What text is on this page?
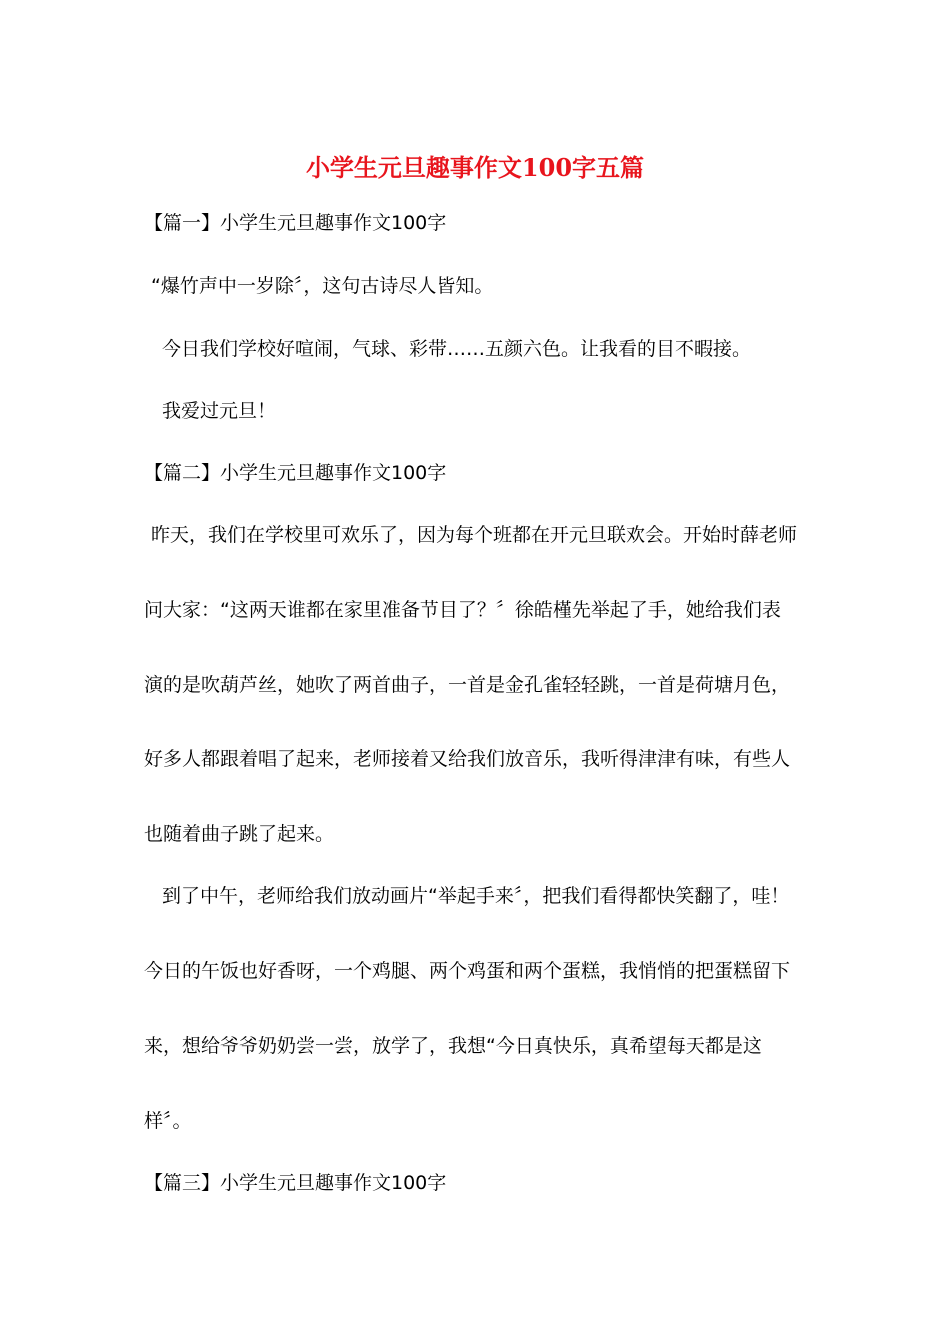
小学生元旦趣事作文100字五篇
【篇一】小学生元旦趣事作文100字
“爆竹声中一岁除〞，这句古诗尽人皆知。
今日我们学校好喧闹，气球、彩带……五颜六色。让我看的目不暇接。
我爱过元旦！
【篇二】小学生元旦趣事作文100字
昨天，我们在学校里可欢乐了，因为每个班都在开元旦联欢会。开始时薛老师
问大家：“这两天谁都在家里准备节目了？〞徐皓槿先举起了手，她给我们表
演的是吹葫芦丝，她吹了两首曲子，一首是金孔雀轻轻跳，一首是荷塘月色，
好多人都跟着唱了起来，老师接着又给我们放音乐，我听得津津有味，有些人
也随着曲子跳了起来。
到了中午，老师给我们放动画片“举起手来〞，把我们看得都快笑翻了，哇！
今日的午饭也好香呀，一个鸡腿、两个鸡蛋和两个蛋糕，我悄悄的把蛋糕留下
来，想给爷爷奶奶尝一尝，放学了，我想“今日真快乐，真希望每天都是这
样〞。
【篇三】小学生元旦趣事作文100字
